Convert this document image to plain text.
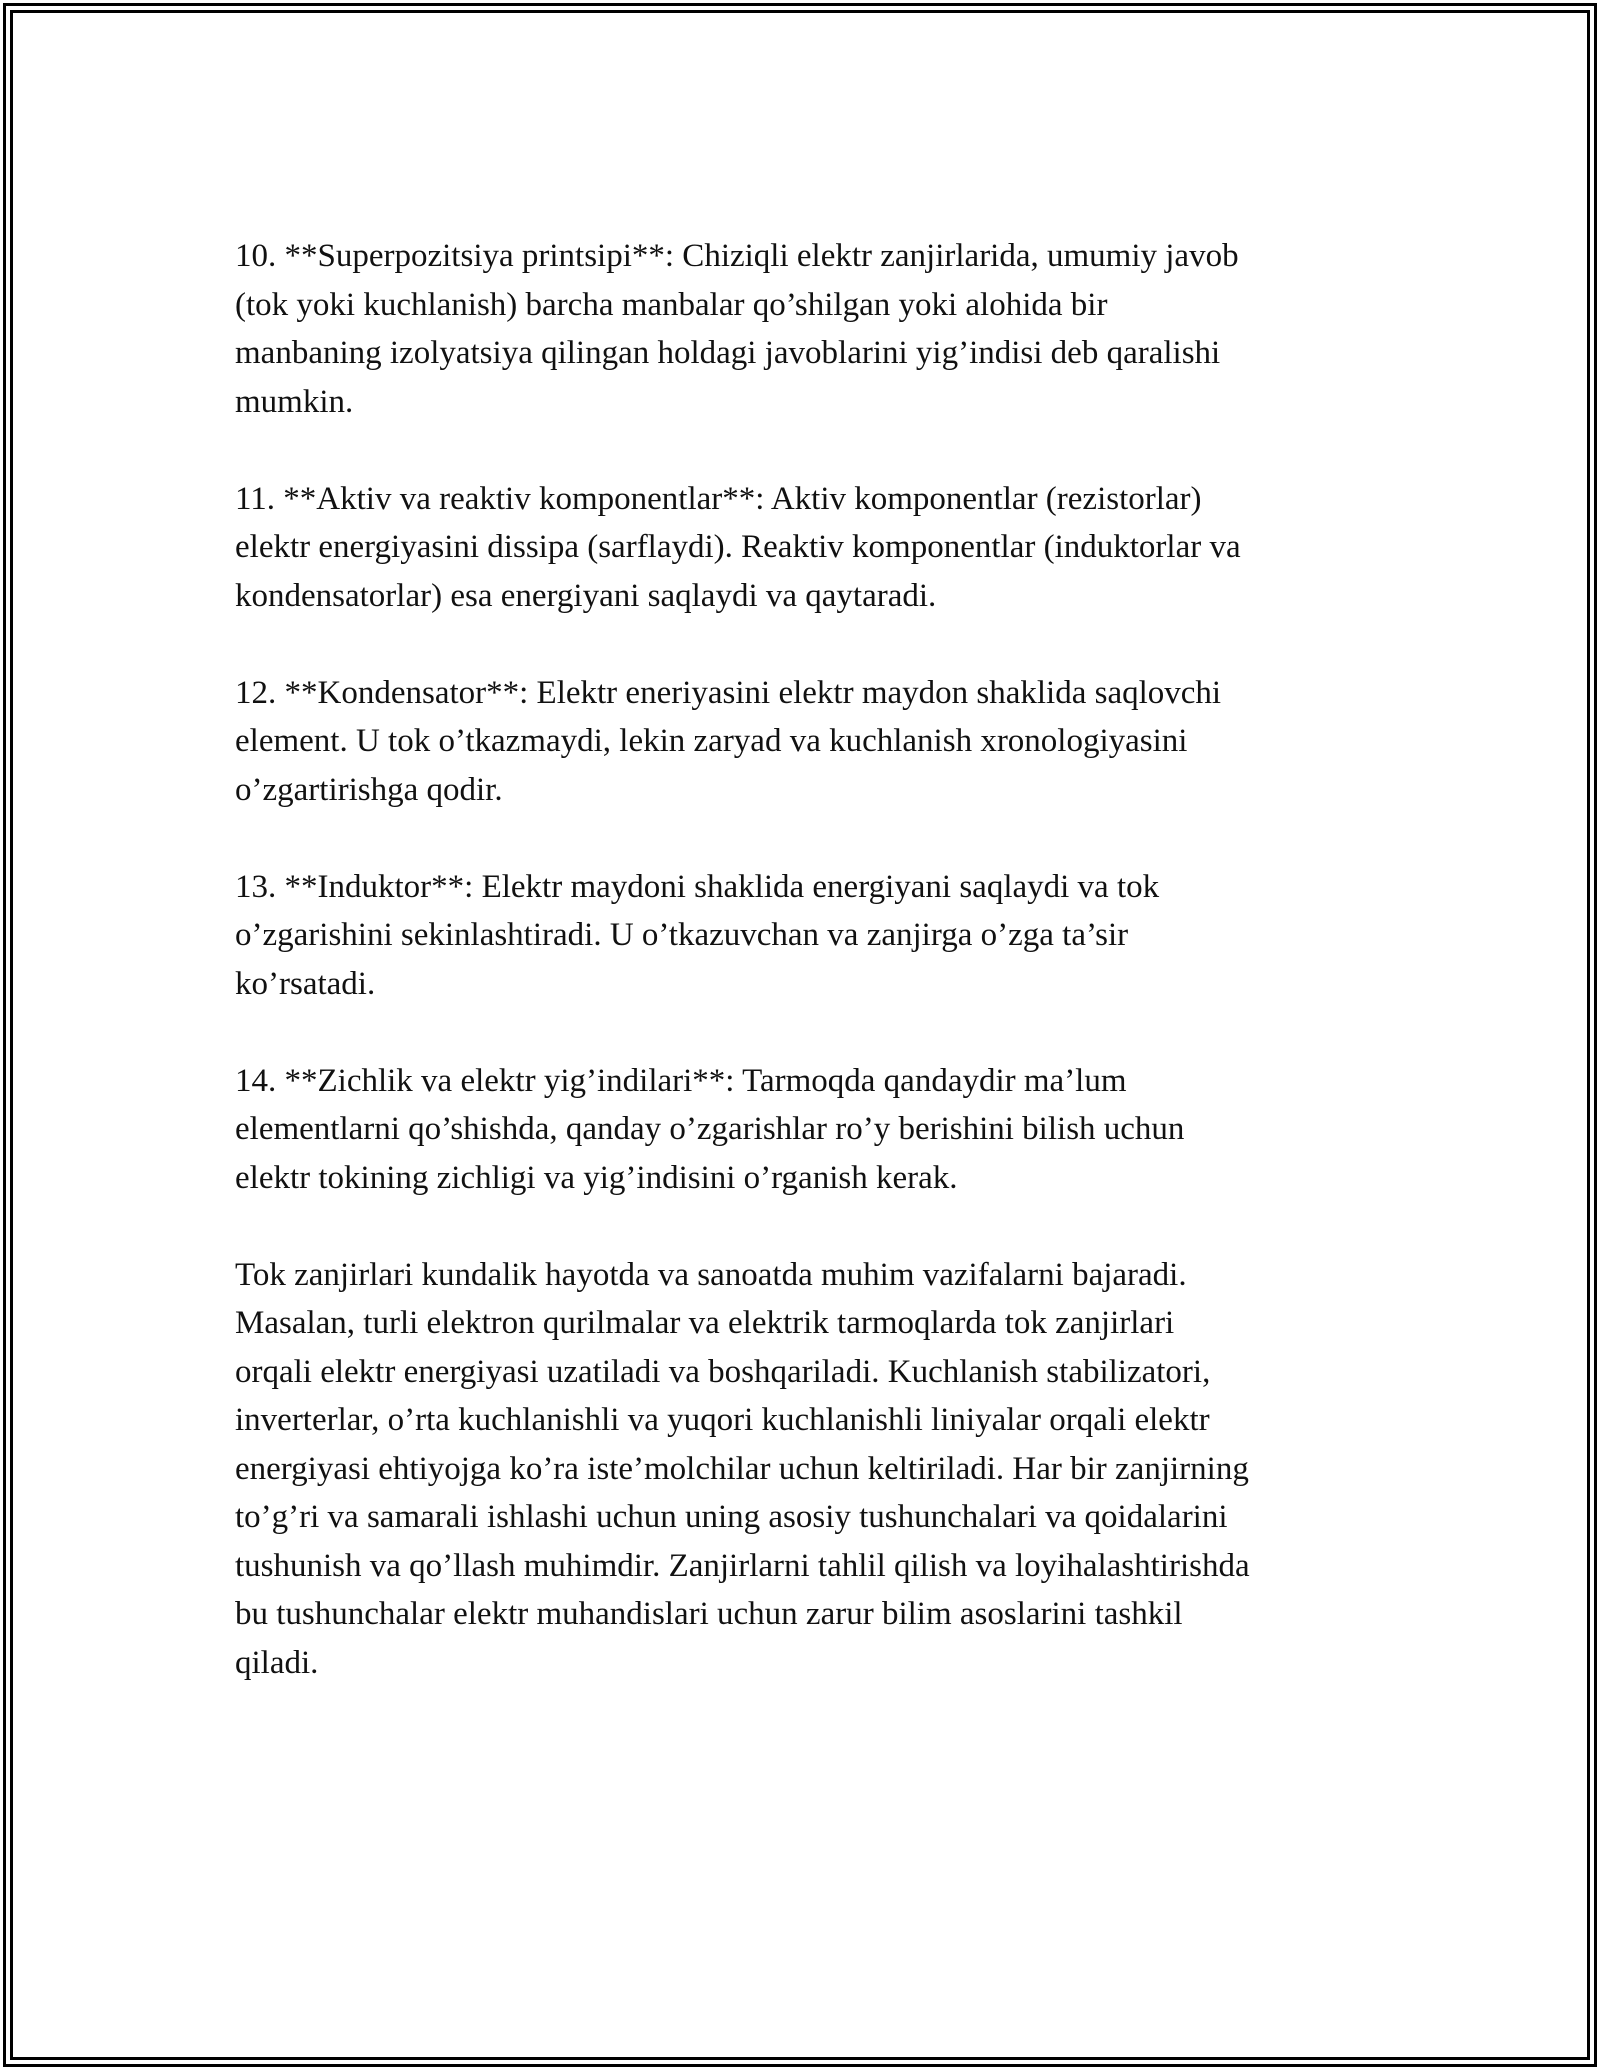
10. **Superpozitsiya printsipi**: Chiziqli elektr zanjirlarida, umumiy javob
(tok yoki kuchlanish) barcha manbalar qo’shilgan yoki alohida bir
manbaning izolyatsiya qilingan holdagi javoblarini yig’indisi deb qaralishi
mumkin.

11. **Aktiv va reaktiv komponentlar**: Aktiv komponentlar (rezistorlar)
elektr energiyasini dissipa (sarflaydi). Reaktiv komponentlar (induktorlar va
kondensatorlar) esa energiyani saqlaydi va qaytaradi.

12. **Kondensator**: Elektr eneriyasini elektr maydon shaklida saqlovchi
element. U tok o’tkazmaydi, lekin zaryad va kuchlanish xronologiyasini
o’zgartirishga qodir.

13. **Induktor**: Elektr maydoni shaklida energiyani saqlaydi va tok
o’zgarishini sekinlashtiradi. U o’tkazuvchan va zanjirga o’zga ta’sir
ko’rsatadi.

14. **Zichlik va elektr yig’indilari**: Tarmoqda qandaydir ma’lum
elementlarni qo’shishda, qanday o’zgarishlar ro’y berishini bilish uchun
elektr tokining zichligi va yig’indisini o’rganish kerak.

Tok zanjirlari kundalik hayotda va sanoatda muhim vazifalarni bajaradi.
Masalan, turli elektron qurilmalar va elektrik tarmoqlarda tok zanjirlari
orqali elektr energiyasi uzatiladi va boshqariladi. Kuchlanish stabilizatori,
inverterlar, o’rta kuchlanishli va yuqori kuchlanishli liniyalar orqali elektr
energiyasi ehtiyojga ko’ra iste’molchilar uchun keltiriladi. Har bir zanjirning
to’g’ri va samarali ishlashi uchun uning asosiy tushunchalari va qoidalarini
tushunish va qo’llash muhimdir. Zanjirlarni tahlil qilish va loyihalashtirishda
bu tushunchalar elektr muhandislari uchun zarur bilim asoslarini tashkil
qiladi.
